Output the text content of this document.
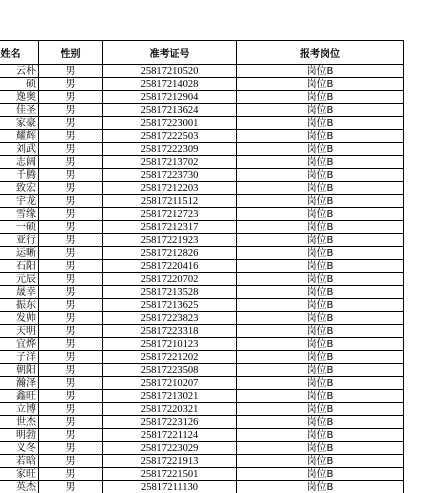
姓名	性别	准考证号	报考岗位
云朴	男	25817210520	岗位B
硕	男	25817214028	岗位B
逸奥	男	25817212904	岗位B
佳圣	男	25817213624	岗位B
家豪	男	25817223001	岗位B
耀辉	男	25817222503	岗位B
刘武	男	25817222309	岗位B
志阔	男	25817213702	岗位B
千腾	男	25817223730	岗位B
致宏	男	25817212203	岗位B
宇龙	男	25817211512	岗位B
雪缘	男	25817212723	岗位B
一硕	男	25817212317	岗位B
亚行	男	25817221923	岗位B
运晰	男	25817212826	岗位B
石阳	男	25817220416	岗位B
元辰	男	25817220702	岗位B
晟幸	男	25817213528	岗位B
振东	男	25817213625	岗位B
发帅	男	25817223823	岗位B
天明	男	25817223318	岗位B
宜烨	男	25817210123	岗位B
子洋	男	25817221202	岗位B
朝阳	男	25817223508	岗位B
瀚泽	男	25817210207	岗位B
鑫旺	男	25817213021	岗位B
立博	男	25817220321	岗位B
世杰	男	25817223126	岗位B
明勃	男	25817221124	岗位B
义冬	男	25817223029	岗位B
若晗	男	25817221913	岗位B
家旺	男	25817221501	岗位B
英杰	男	25817211130	岗位B
